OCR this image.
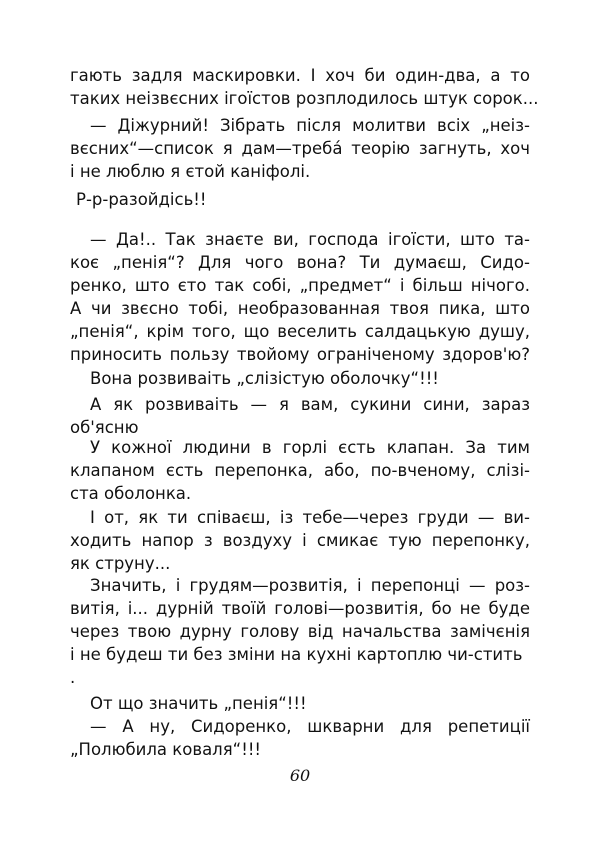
гають задля маскировки. І хоч би один-два, а то
таких неізвєсних ігоїстов розплодилось штук сорок...
— Діжурний! Зібрать після молитви всіх „неіз-
вєсних“—список я дам—требá теорію загнуть, хоч
і не люблю я єтой каніфолі.
Р-р-разойдісь!!
— Да!.. Так знаєте ви, господа ігоїсти, што та-
коє „пенія“? Для чого вона? Ти думаєш, Сидо-
ренко, што єто так собі, „предмет“ і більш нічого.
А чи звєсно тобі, необразованная твоя пика, што
„пенія“, крім того, що веселить салдацькую душу,
приносить пользу твойому ограніченому здоров'ю?
Вона розвиваіть „слізістую оболочку“!!!
А як розвиваіть — я вам, сукини сини, зараз
об'ясню
У кожної людини в горлі єсть клапан. За тим
клапаном єсть перепонка, або, по-вченому, слізі-
ста оболонка.
І от, як ти співаєш, із тебе—через груди — ви-
ходить напор з воздуху і смикає тую перепонку,
як струну...
Значить, і грудям—розвитія, і перепонці — роз-
витія, і... дурній твоїй голові—розвитія, бо не буде
через твою дурну голову від начальства замічєнія
і не будеш ти без зміни на кухні картоплю чи-стить .
От що значить „пенія“!!!
— А ну, Сидоренко, шкварни для репетиції
„Полюбила коваля“!!!
60
